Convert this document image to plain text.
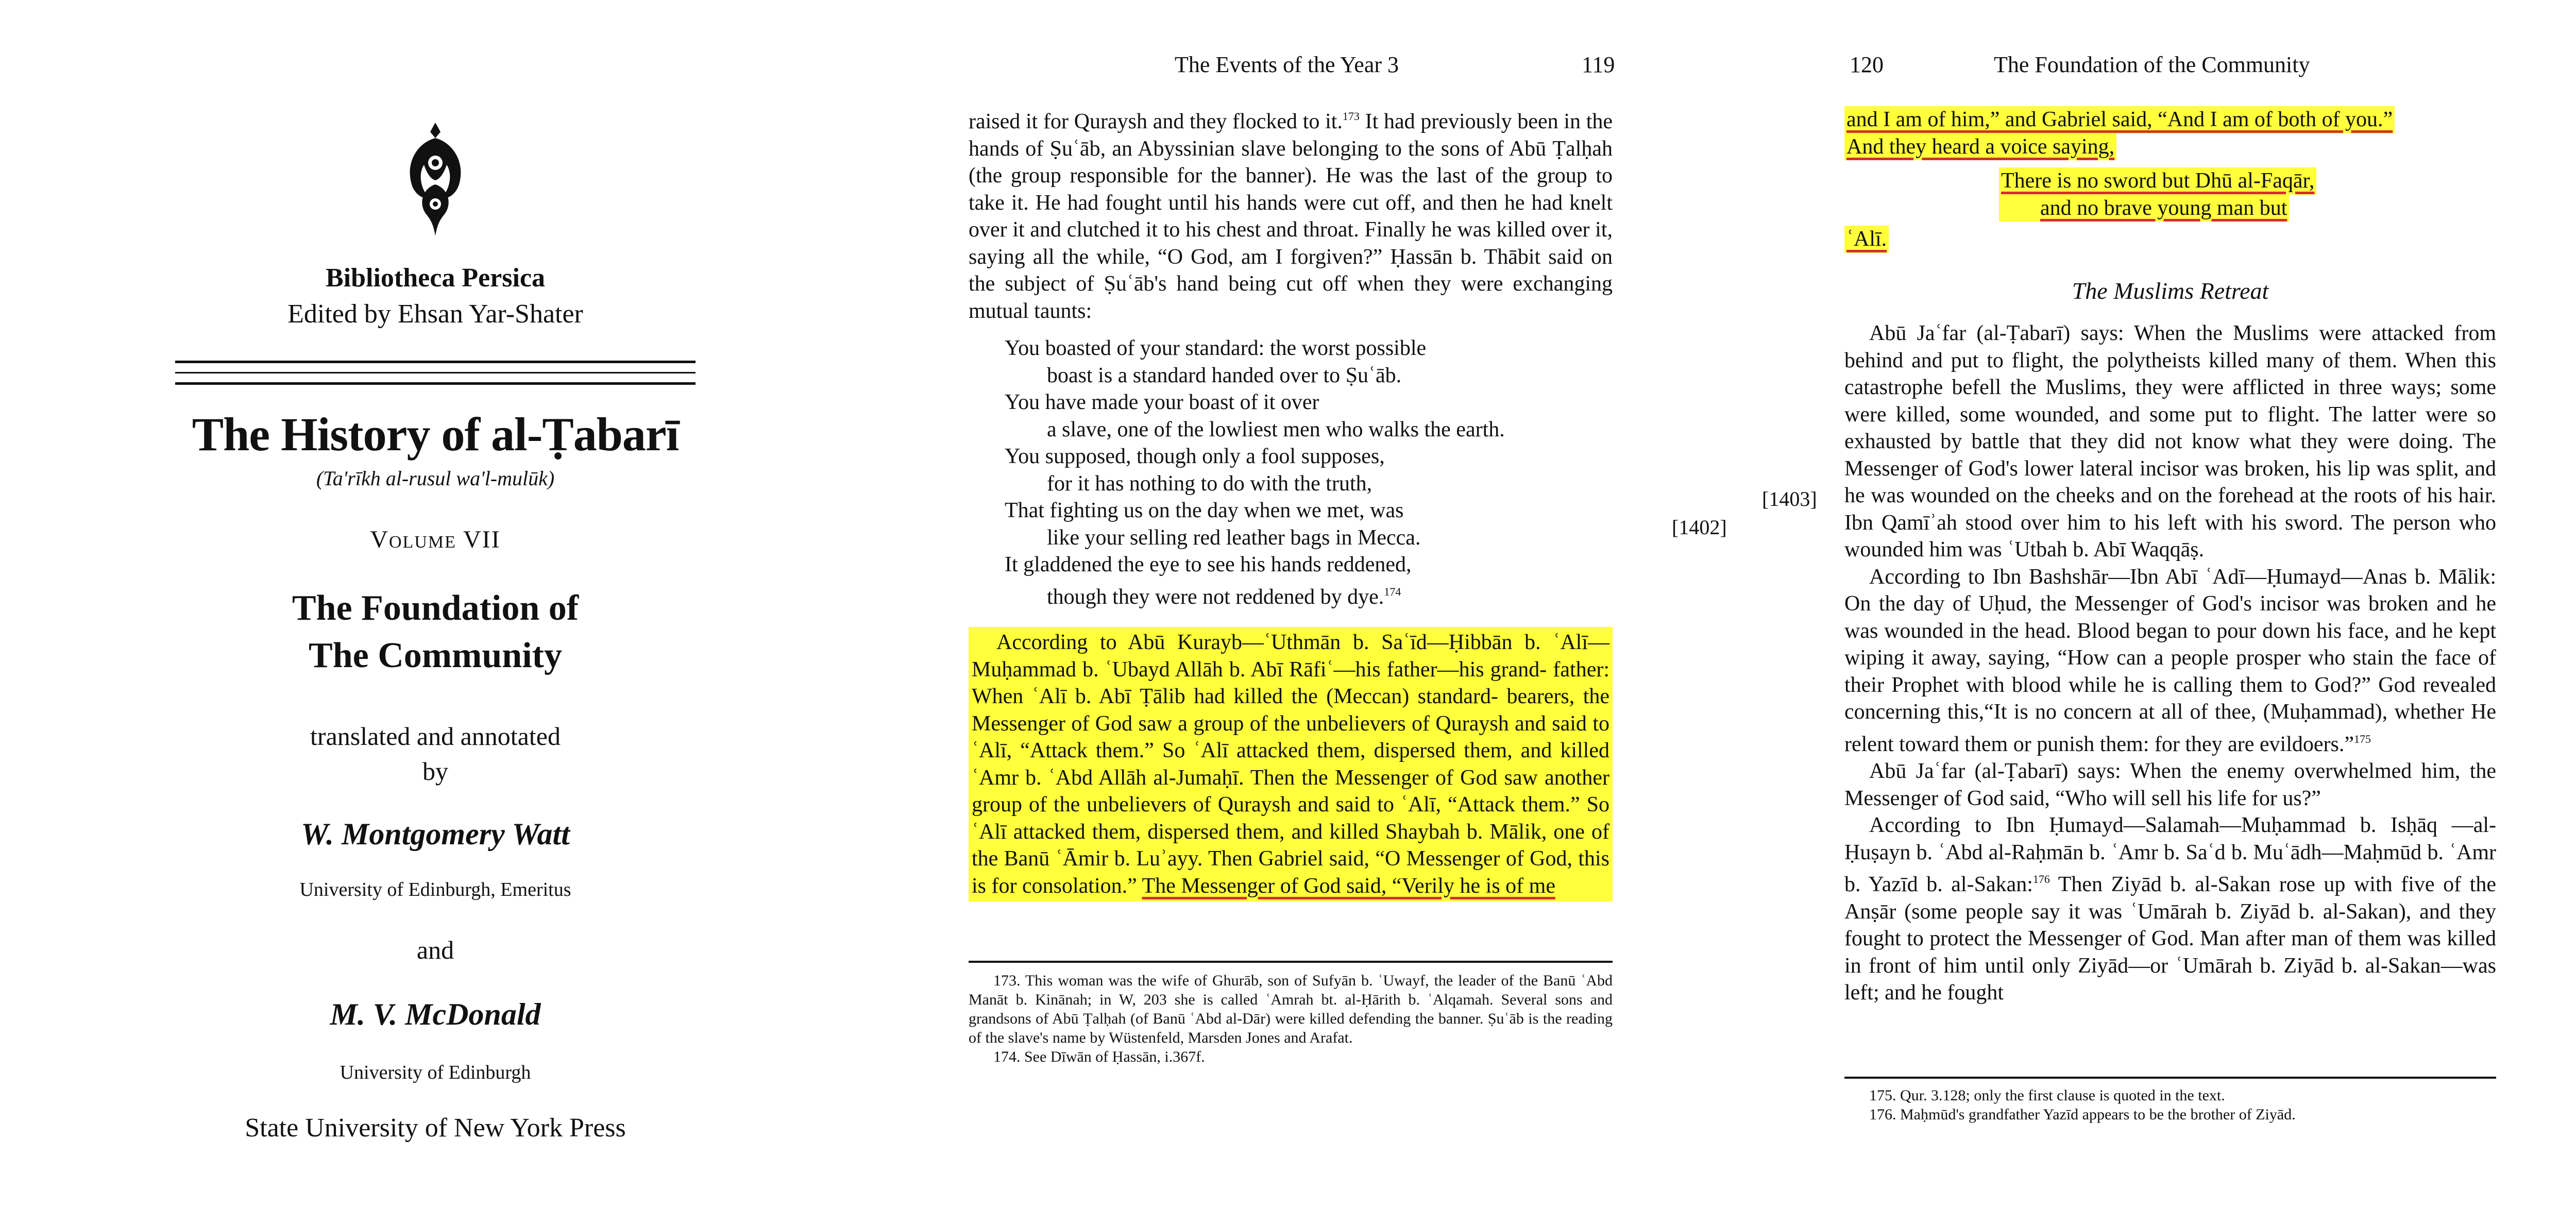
Bibliotheca Persica
Edited by Ehsan Yar-Shater
The History of al-Ṭabarī
(Ta'rīkh al-rusul wa'l-mulūk)
Volume VII
The Foundation of
The Community
translated and annotated
by
W. Montgomery Watt
University of Edinburgh, Emeritus
and
M. V. McDonald
University of Edinburgh
State University of New York Press
The Events of the Year 3	119

raised it for Quraysh and they flocked to it.$^{173}$ It had previously been in the hands of Ṣuʿāb, an Abyssinian slave belonging to the sons of Abū Ṭalḥah (the group responsible for the banner). He was the last of the group to take it. He had fought until his hands were cut off, and then he had knelt over it and clutched it to his chest and throat. Finally he was killed over it, saying all the while, “O God, am I forgiven?” Ḥassān b. Thābit said on the subject of Ṣuʿāb's hand being cut off when they were exchanging mutual taunts:

You boasted of your standard: the worst possible
boast is a standard handed over to Ṣuʿāb.
You have made your boast of it over
a slave, one of the lowliest men who walks the earth.
You supposed, though only a fool supposes,
for it has nothing to do with the truth,
That fighting us on the day when we met, was
like your selling red leather bags in Mecca.
It gladdened the eye to see his hands reddened,
though they were not reddened by dye.$^{174}$

According to Abū Kurayb—ʿUthmān b. Saʿīd—Ḥibbān b. ʿAlī— Muḥammad b. ʿUbayd Allāh b. Abī Rāfiʿ—his father—his grand- father: When ʿAlī b. Abī Ṭālib had killed the (Meccan) standard- bearers, the Messenger of God saw a group of the unbelievers of Quraysh and said to ʿAlī, “Attack them.” So ʿAlī attacked them, dispersed them, and killed ʿAmr b. ʿAbd Allāh al-Jumaḥī. Then the Messenger of God saw another group of the unbelievers of Quraysh and said to ʿAlī, “Attack them.” So ʿAlī attacked them, dispersed them, and killed Shaybah b. Mālik, one of the Banū ʿĀmir b. Luʾayy. Then Gabriel said, “O Messenger of God, this is for consolation.” The Messenger of God said, “Verily he is of me

173. This woman was the wife of Ghurāb, son of Sufyān b. ʿUwayf, the leader of the Banū ʿAbd Manāt b. Kinānah; in W, 203 she is called ʿAmrah bt. al-Ḥārith b. ʿAlqamah. Several sons and grandsons of Abū Ṭalḥah (of Banū ʿAbd al-Dār) were killed defending the banner. Ṣuʿāb is the reading of the slave's name by Wüstenfeld, Marsden Jones and Arafat.

174. See Dīwān of Ḥassān, i.367f.

[1402]
120	The Foundation of the Community
[1403]

and I am of him,” and Gabriel said, “And I am of both of you.”
And they heard a voice saying,

There is no sword but Dhū al-Faqār,
and no brave young man but

ʿAlī.

The Muslims Retreat

Abū Jaʿfar (al-Ṭabarī) says: When the Muslims were attacked from behind and put to flight, the polytheists killed many of them. When this catastrophe befell the Muslims, they were afflicted in three ways; some were killed, some wounded, and some put to flight. The latter were so exhausted by battle that they did not know what they were doing. The Messenger of God's lower lateral incisor was broken, his lip was split, and he was wounded on the cheeks and on the forehead at the roots of his hair. Ibn Qamīʾah stood over him to his left with his sword. The person who wounded him was ʿUtbah b. Abī Waqqāṣ.

According to Ibn Bashshār—Ibn Abī ʿAdī—Ḥumayd—Anas b. Mālik: On the day of Uḥud, the Messenger of God's incisor was broken and he was wounded in the head. Blood began to pour down his face, and he kept wiping it away, saying, “How can a people prosper who stain the face of their Prophet with blood while he is calling them to God?” God revealed concerning this,“It is no concern at all of thee, (Muḥammad), whether He relent toward them or punish them: for they are evildoers.”$^{175}$

Abū Jaʿfar (al-Ṭabarī) says: When the enemy overwhelmed him, the Messenger of God said, “Who will sell his life for us?”

According to Ibn Ḥumayd—Salamah—Muḥammad b. Isḥāq —al-Ḥuṣayn b. ʿAbd al-Raḥmān b. ʿAmr b. Saʿd b. Muʿādh—Maḥmūd b. ʿAmr b. Yazīd b. al-Sakan:$^{176}$ Then Ziyād b. al-Sakan rose up with five of the Anṣār (some people say it was ʿUmārah b. Ziyād b. al-Sakan), and they fought to protect the Messenger of God. Man after man of them was killed in front of him until only Ziyād—or ʿUmārah b. Ziyād b. al-Sakan—was left; and he fought

175. Qur. 3.128; only the first clause is quoted in the text.

176. Maḥmūd's grandfather Yazīd appears to be the brother of Ziyād.
